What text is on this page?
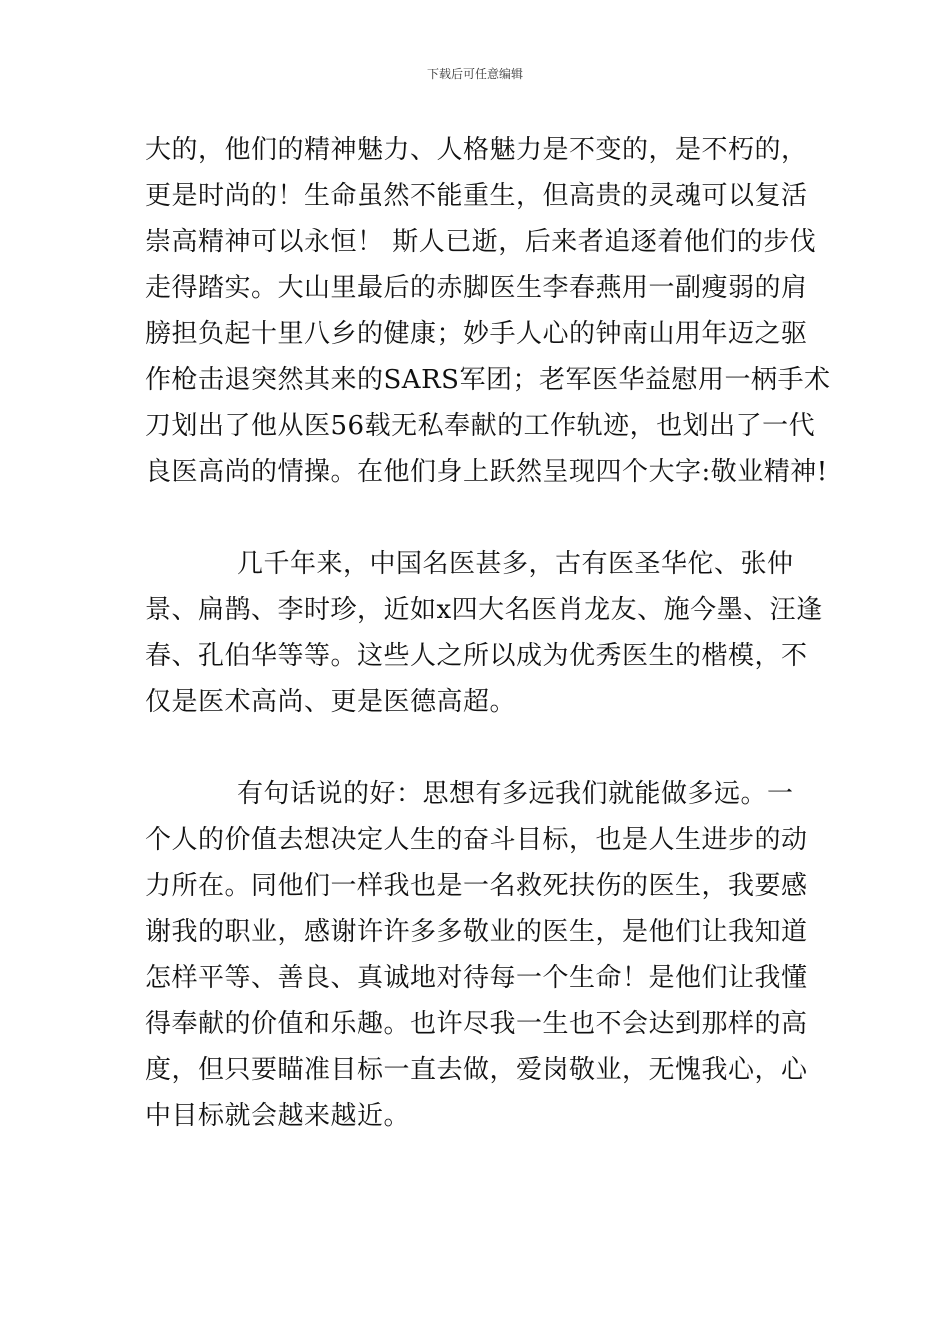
下载后可任意编辑
大的，他们的精神魅力、人格魅力是不变的，是不朽的，
更是时尚的！生命虽然不能重生，但高贵的灵魂可以复活
崇高精神可以永恒！ 斯人已逝，后来者追逐着他们的步伐
走得踏实。大山里最后的赤脚医生李春燕用一副瘦弱的肩
膀担负起十里八乡的健康；妙手人心的钟南山用年迈之驱
作枪击退突然其来的SARS军团；老军医华益慰用一柄手术
刀划出了他从医56载无私奉献的工作轨迹，也划出了一代
良医高尚的情操。在他们身上跃然呈现四个大字:敬业精神!
几千年来，中国名医甚多，古有医圣华佗、张仲
景、扁鹊、李时珍，近如x四大名医肖龙友、施今墨、汪逢
春、孔伯华等等。这些人之所以成为优秀医生的楷模，不
仅是医术高尚、更是医德高超。
有句话说的好：思想有多远我们就能做多远。一
个人的价值去想决定人生的奋斗目标，也是人生进步的动
力所在。同他们一样我也是一名救死扶伤的医生，我要感
谢我的职业，感谢许许多多敬业的医生，是他们让我知道
怎样平等、善良、真诚地对待每一个生命！是他们让我懂
得奉献的价值和乐趣。也许尽我一生也不会达到那样的高
度，但只要瞄准目标一直去做，爱岗敬业，无愧我心，心
中目标就会越来越近。
